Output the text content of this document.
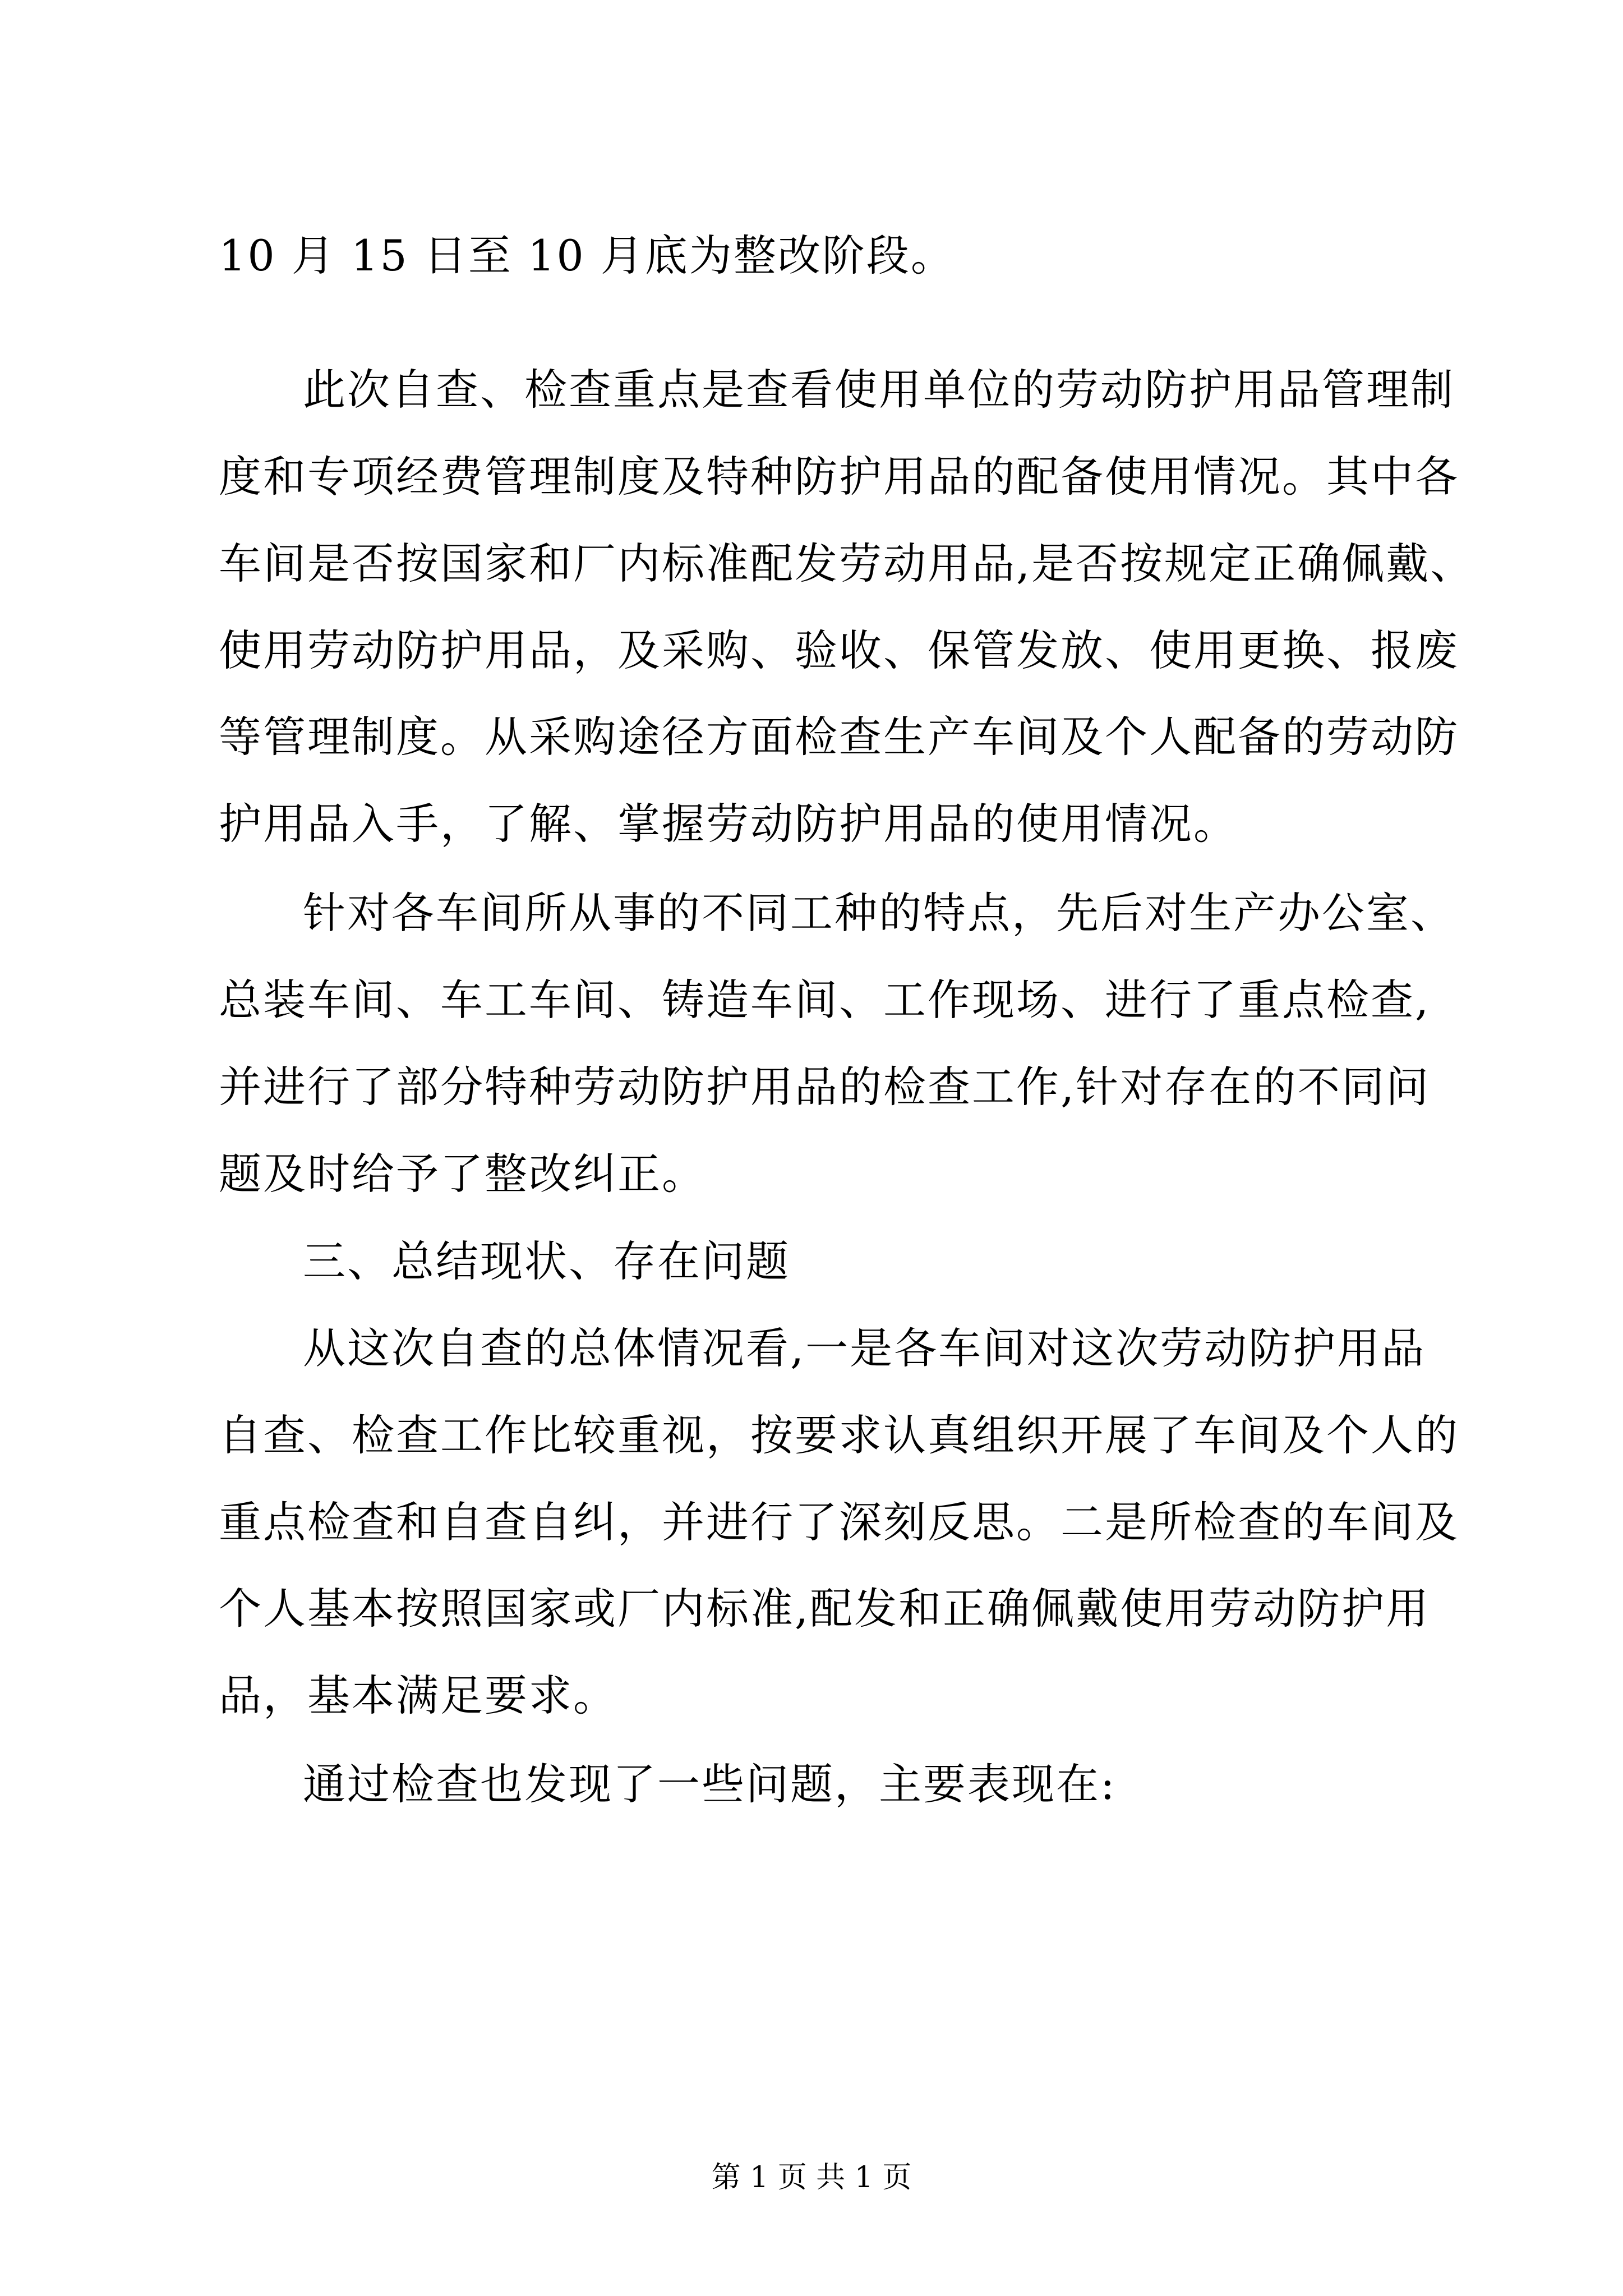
10 月 15 日至 10 月底为整改阶段。

此次自查、检查重点是查看使用单位的劳动防护用品管理制

度和专项经费管理制度及特种防护用品的配备使用情况。其中各

车间是否按国家和厂内标准配发劳动用品,是否按规定正确佩戴、

使用劳动防护用品，及采购、验收、保管发放、使用更换、报废

等管理制度。从采购途径方面检查生产车间及个人配备的劳动防

护用品入手，了解、掌握劳动防护用品的使用情况。

针对各车间所从事的不同工种的特点，先后对生产办公室、

总装车间、车工车间、铸造车间、工作现场、进行了重点检查,

并进行了部分特种劳动防护用品的检查工作,针对存在的不同问

题及时给予了整改纠正。

三、总结现状、存在问题

从这次自查的总体情况看,一是各车间对这次劳动防护用品

自查、检查工作比较重视，按要求认真组织开展了车间及个人的

重点检查和自查自纠，并进行了深刻反思。二是所检查的车间及

个人基本按照国家或厂内标准,配发和正确佩戴使用劳动防护用

品，基本满足要求。

通过检查也发现了一些问题，主要表现在:

第 1 页 共 1 页
